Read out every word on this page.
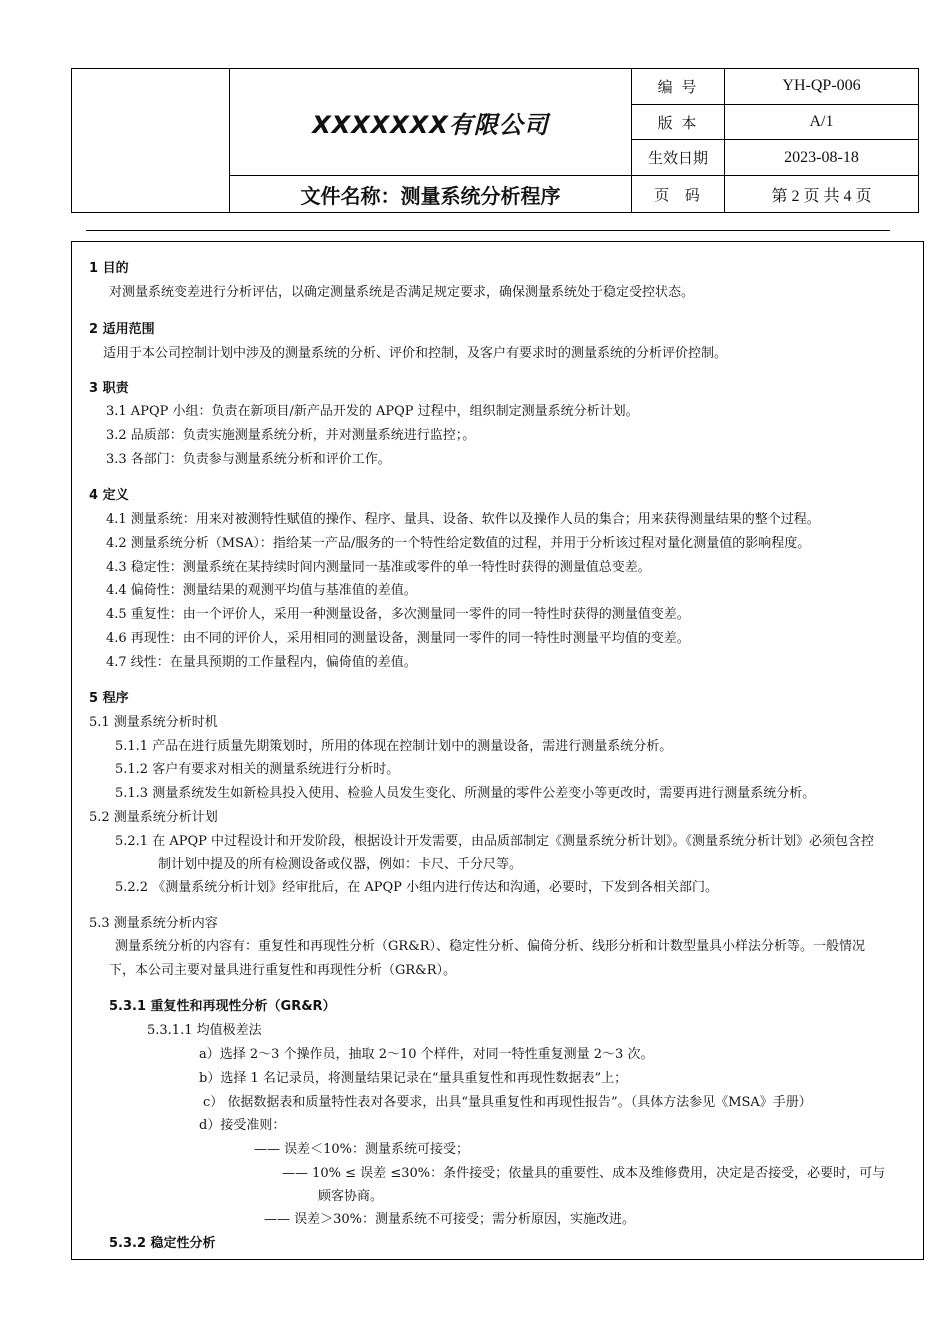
	XXXXXXX有限公司	编 号	YH-QP-006
		版 本	A/1
		生效日期	2023-08-18
	文件名称：测量系统分析程序	页  码	第 2 页 共 4 页
1 目的
对测量系统变差进行分析评估，以确定测量系统是否满足规定要求，确保测量系统处于稳定受控状态。
2 适用范围
适用于本公司控制计划中涉及的测量系统的分析、评价和控制，及客户有要求时的测量系统的分析评价控制。
3 职责
3.1 APQP 小组：负责在新项目/新产品开发的 APQP 过程中，组织制定测量系统分析计划。
3.2 品质部：负责实施测量系统分析，并对测量系统进行监控；。
3.3 各部门：负责参与测量系统分析和评价工作。
4 定义
4.1 测量系统：用来对被测特性赋值的操作、程序、量具、设备、软件以及操作人员的集合；用来获得测量结果的整个过程。
4.2 测量系统分析（MSA）：指给某一产品/服务的一个特性给定数值的过程，并用于分析该过程对量化测量值的影响程度。
4.3 稳定性：测量系统在某持续时间内测量同一基准或零件的单一特性时获得的测量值总变差。
4.4 偏倚性：测量结果的观测平均值与基准值的差值。
4.5 重复性：由一个评价人，采用一种测量设备，多次测量同一零件的同一特性时获得的测量值变差。
4.6 再现性：由不同的评价人，采用相同的测量设备，测量同一零件的同一特性时测量平均值的变差。
4.7 线性：在量具预期的工作量程内，偏倚值的差值。
5 程序
5.1 测量系统分析时机
5.1.1 产品在进行质量先期策划时，所用的体现在控制计划中的测量设备，需进行测量系统分析。
5.1.2 客户有要求对相关的测量系统进行分析时。
5.1.3 测量系统发生如新检具投入使用、检验人员发生变化、所测量的零件公差变小等更改时，需要再进行测量系统分析。
5.2 测量系统分析计划
5.2.1 在 APQP 中过程设计和开发阶段，根据设计开发需要，由品质部制定《测量系统分析计划》。《测量系统分析计划》必须包含控
制计划中提及的所有检测设备或仪器，例如：卡尺、千分尺等。
5.2.2 《测量系统分析计划》经审批后，在 APQP 小组内进行传达和沟通，必要时，下发到各相关部门。
5.3 测量系统分析内容
测量系统分析的内容有：重复性和再现性分析（GR&R）、稳定性分析、偏倚分析、线形分析和计数型量具小样法分析等。一般情况
下，本公司主要对量具进行重复性和再现性分析（GR&R）。
5.3.1 重复性和再现性分析（GR&R）
5.3.1.1 均值极差法
a）选择 2～3 个操作员，抽取 2～10 个样件，对同一特性重复测量 2～3 次。
b）选择 1 名记录员，将测量结果记录在“量具重复性和再现性数据表”上；
c） 依据数据表和质量特性表对各要求，出具“量具重复性和再现性报告”。（具体方法参见《MSA》手册）
d）接受准则：
—— 误差＜10%：测量系统可接受；
—— 10% ≤ 误差 ≤30%：条件接受；依量具的重要性、成本及维修费用，决定是否接受，必要时，可与
顾客协商。
—— 误差＞30%：测量系统不可接受；需分析原因，实施改进。
5.3.2 稳定性分析
